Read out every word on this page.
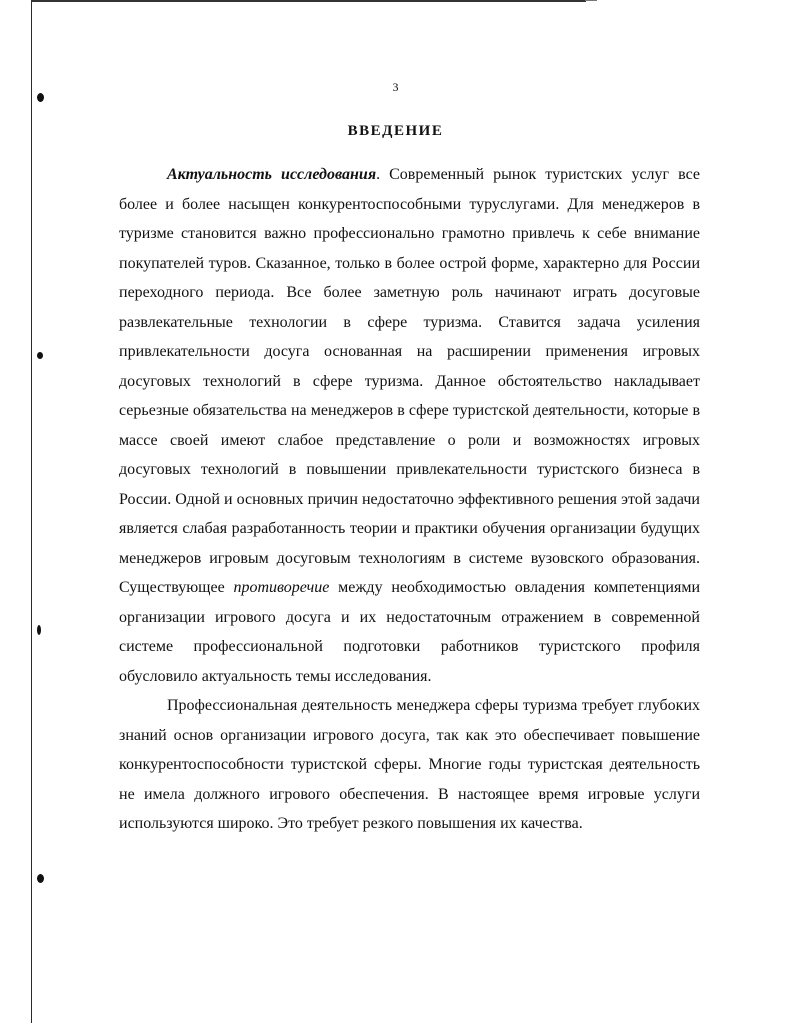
3
ВВЕДЕНИЕ

Актуальность исследования. Современный рынок туристских услуг все более и более насыщен конкурентоспособными туруслугами. Для менеджеров в туризме становится важно профессионально грамотно привлечь к себе внимание покупателей туров. Сказанное, только в более острой форме, характерно для России переходного периода. Все более заметную роль начинают играть досуговые развлекательные технологии в сфере туризма. Ставится задача усиления привлекательности досуга основанная на расширении применения игровых досуговых технологий в сфере туризма. Данное обстоятельство накладывает серьезные обязательства на менеджеров в сфере туристской деятельности, которые в массе своей имеют слабое представление о роли и возможностях игровых досуговых технологий в повышении привлекательности туристского бизнеса в России. Одной и основных причин недостаточно эффективного решения этой задачи является слабая разработанность теории и практики обучения организации будущих менеджеров игровым досуговым технологиям в системе вузовского образования. Существующее противоречие между необходимостью овладения компетенциями организации игрового досуга и их недостаточным отражением в современной системе профессиональной подготовки работников туристского профиля обусловило актуальность темы исследования.

Профессиональная деятельность менеджера сферы туризма требует глубоких знаний основ организации игрового досуга, так как это обеспечивает повышение конкурентоспособности туристской сферы. Многие годы туристская деятельность не имела должного игрового обеспечения. В настоящее время игровые услуги используются широко. Это требует резкого повышения их качества.
